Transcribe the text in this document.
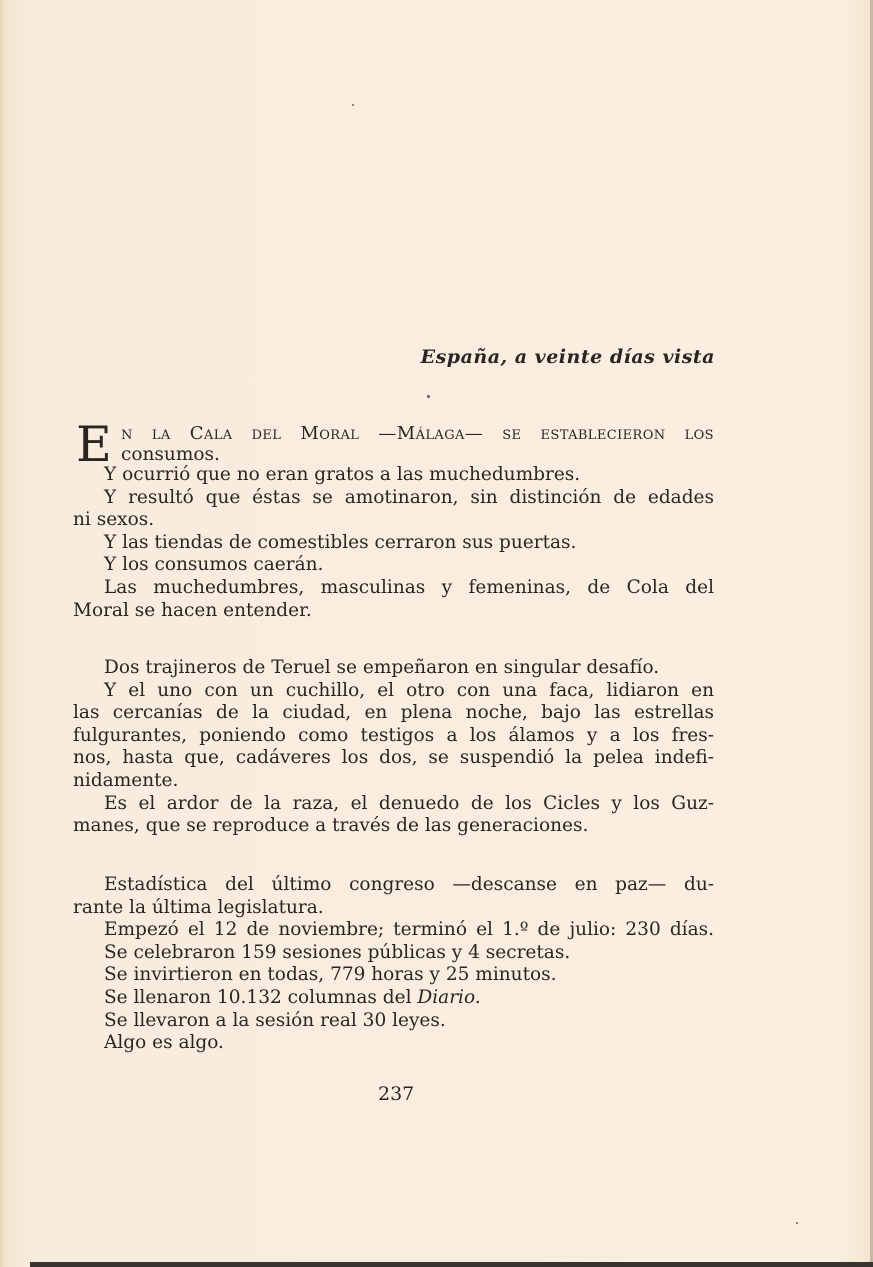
España, a veinte días vista
E n la Cala del Moral —Málaga— se establecieron los
consumos.
Y ocurrió que no eran gratos a las muchedumbres.
Y resultó que éstas se amotinaron, sin distinción de edades
ni sexos.
Y las tiendas de comestibles cerraron sus puertas.
Y los consumos caerán.
Las muchedumbres, masculinas y femeninas, de Cola del
Moral se hacen entender.
Dos trajineros de Teruel se empeñaron en singular desafío.
Y el uno con un cuchillo, el otro con una faca, lidiaron en
las cercanías de la ciudad, en plena noche, bajo las estrellas
fulgurantes, poniendo como testigos a los álamos y a los fres-
nos, hasta que, cadáveres los dos, se suspendió la pelea indefi-
nidamente.
Es el ardor de la raza, el denuedo de los Cicles y los Guz-
manes, que se reproduce a través de las generaciones.
Estadística del último congreso —descanse en paz— du-
rante la última legislatura.
Empezó el 12 de noviembre; terminó el 1.º de julio: 230 días.
Se celebraron 159 sesiones públicas y 4 secretas.
Se invirtieron en todas, 779 horas y 25 minutos.
Se llenaron 10.132 columnas del Diario.
Se llevaron a la sesión real 30 leyes.
Algo es algo.
237
